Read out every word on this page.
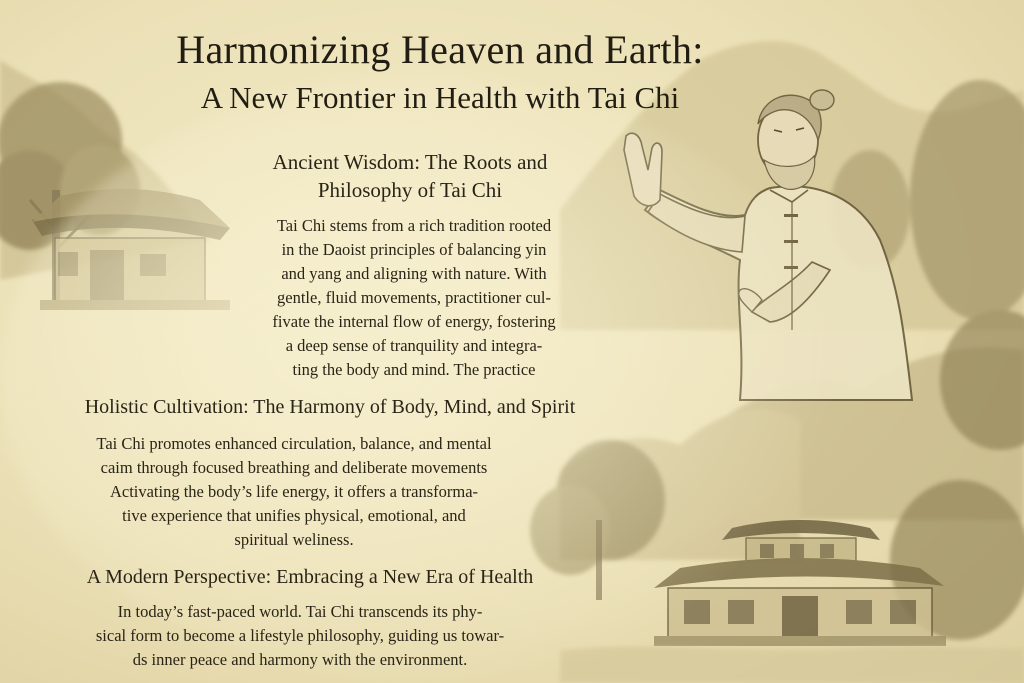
Harmonizing Heaven and Earth:
A New Frontier in Health with Tai Chi
Ancient Wisdom: The Roots and
Philosophy of Tai Chi
Tai Chi stems from a rich tradition rooted
in the Daoist principles of balancing yin
and yang and aligning with nature. With
gentle, fluid movements, practitioner cul-
fivate the internal flow of energy, fostering
a deep sense of tranquility and integra-
ting the body and mind. The practice
Holistic Cultivation: The Harmony of Body, Mind, and Spirit
Tai Chi promotes enhanced circulation, balance, and mental
caim through focused breathing and deliberate movements
Activating the body’s life energy, it offers a transforma-
tive experience that unifies physical, emotional, and
spiritual weliness.
A Modern Perspective: Embracing a New Era of Health
In today’s fast-paced world. Tai Chi transcends its phy-
sical form to become a lifestyle philosophy, guiding us towar-
ds inner peace and harmony with the environment.
